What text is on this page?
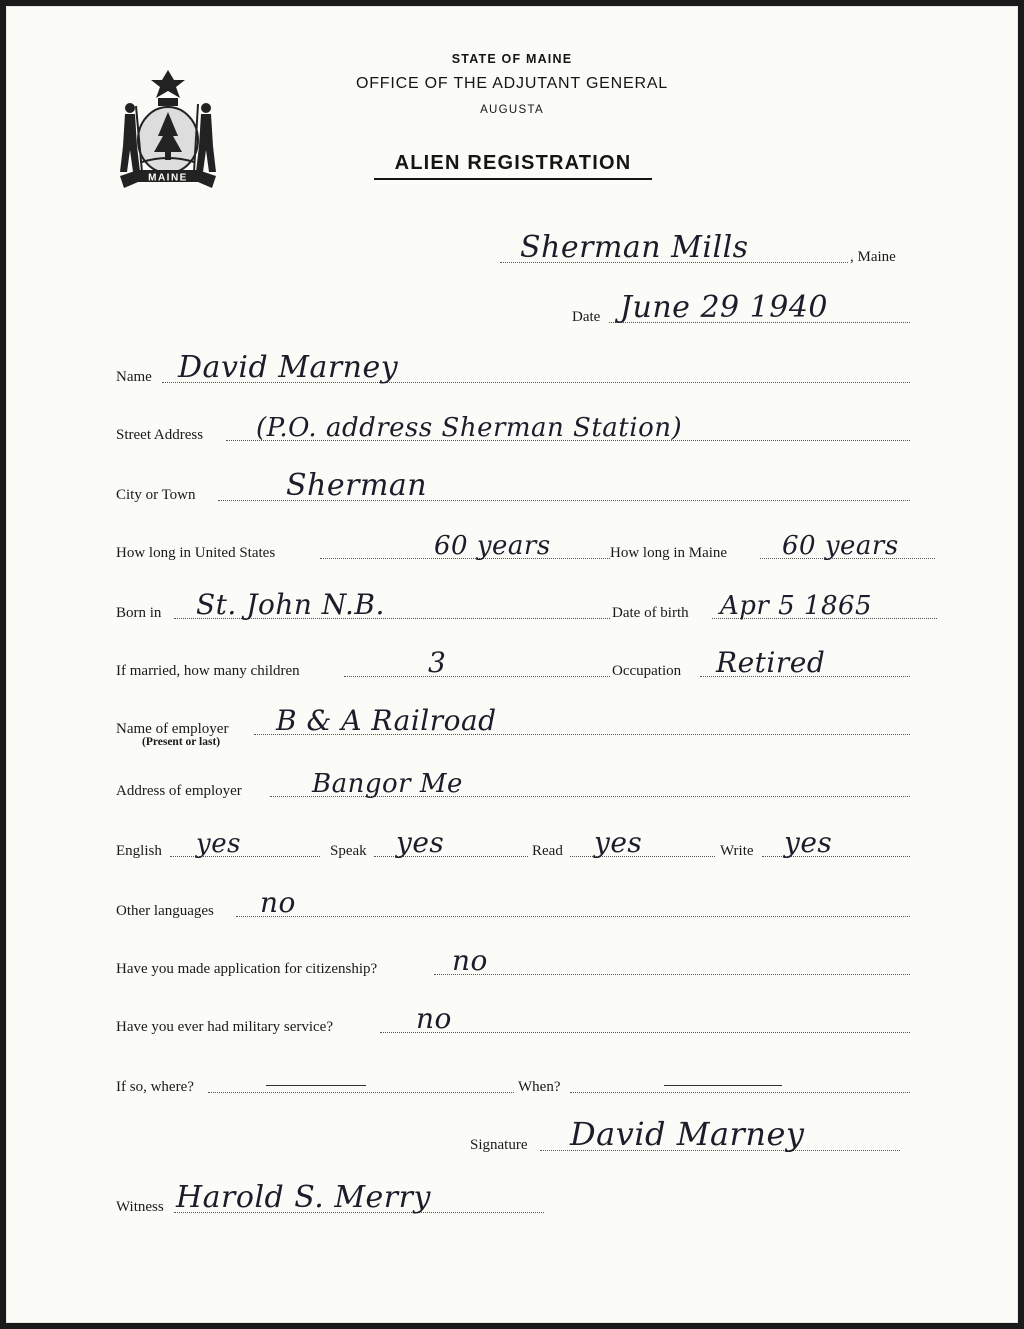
MAINE
STATE OF MAINE
OFFICE OF THE ADJUTANT GENERAL
AUGUSTA
ALIEN REGISTRATION
Sherman Mills	, Maine
Date June 29 1940
Name David Marney
Street Address (P.O. address Sherman Station)
City or Town	Sherman
How long in United States	60 years	How long in Maine 60 years
Born in St. John N.B.	Date of birth Apr 5 1865
If married, how many children	3	Occupation Retired
Name of employer B & A Railroad
(Present or last)
Address of employer	Bangor Me
English yes	Speak yes	Read yes	Write yes
Other languages no
Have you made application for citizenship?	no
Have you ever had military service?	no
If so, where?	When?
Signature David Marney
Witness Harold S. Merry
